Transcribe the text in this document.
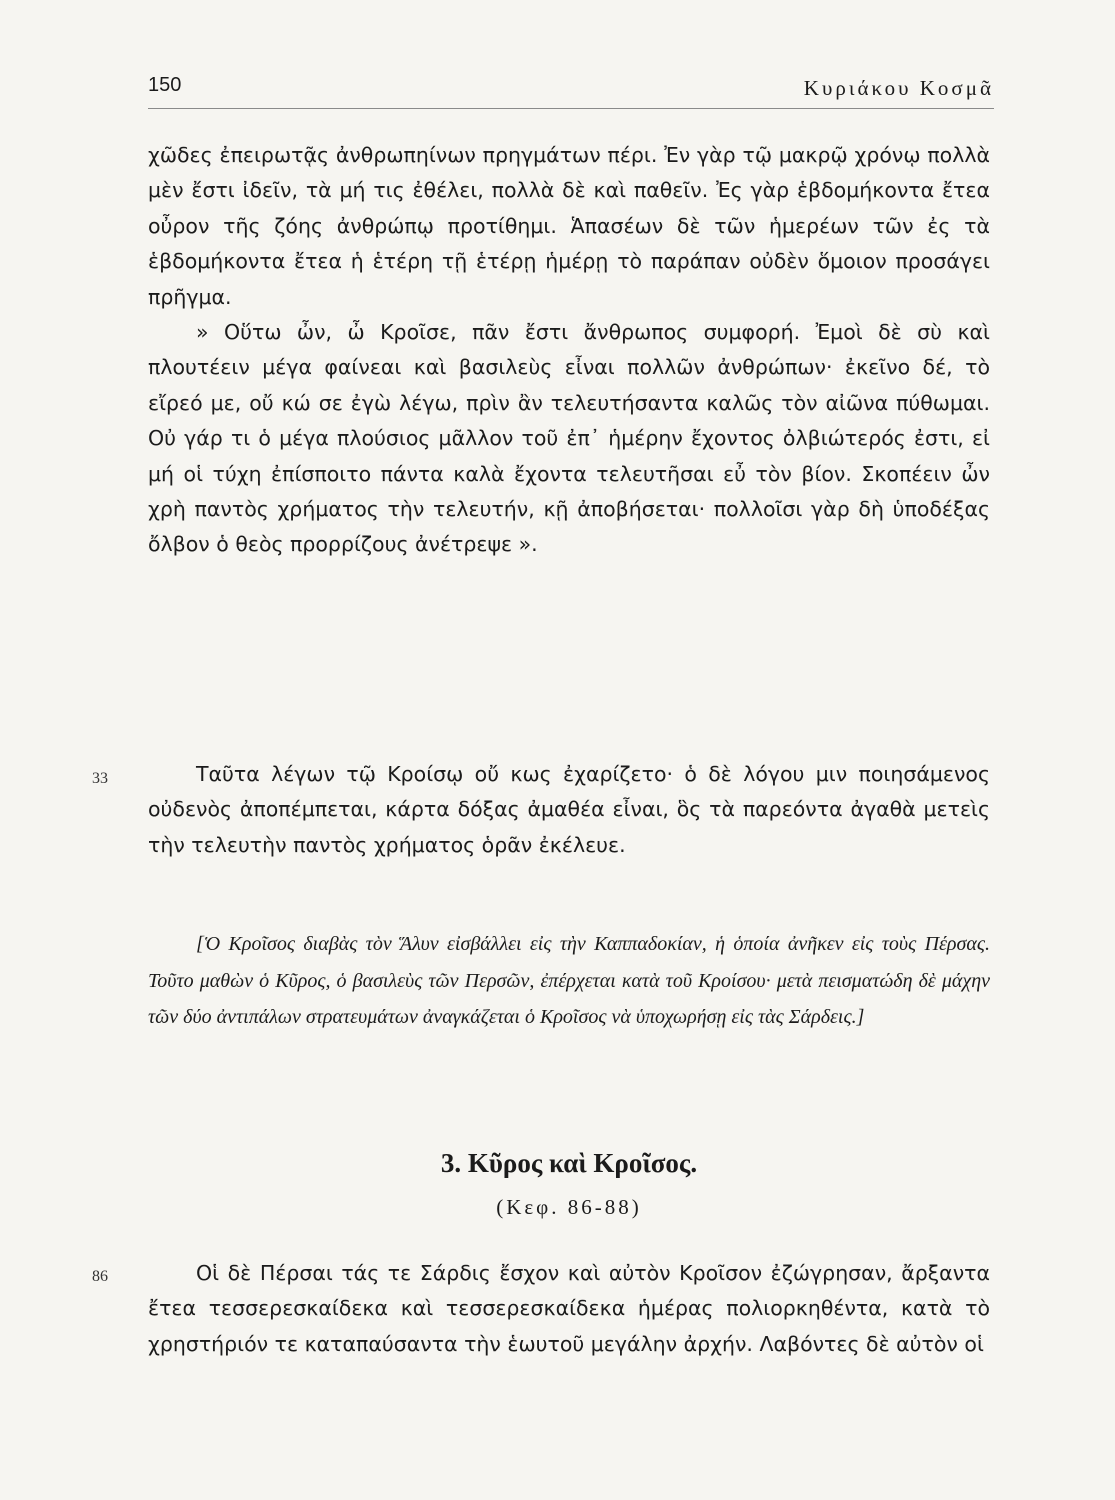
150	Κυριάκου Κοσμᾶ

χῶδες ἐπειρωτᾷς ἀνθρωπηίνων πρηγμάτων πέρι. Ἐν γὰρ τῷ μακρῷ χρόνῳ πολλὰ μὲν ἔστι ἰδεῖν, τὰ μή τις ἐθέλει, πολλὰ δὲ καὶ παθεῖν. Ἐς γὰρ ἑβδομήκοντα ἔτεα οὖρον τῆς ζόης ἀνθρώπῳ προτίθημι. Ἁπασέων δὲ τῶν ἡμερέων τῶν ἐς τὰ ἑβδομήκοντα ἔτεα ἡ ἑτέρη τῇ ἑτέρῃ ἡμέρῃ τὸ παράπαν οὐδὲν ὅμοιον προσάγει πρῆγμα.

» Οὕτω ὦν, ὦ Κροῖσε, πᾶν ἔστι ἄνθρωπος συμφορή. Ἐμοὶ δὲ σὺ καὶ πλουτέειν μέγα φαίνεαι καὶ βασιλεὺς εἶναι πολλῶν ἀνθρώπων· ἐκεῖνο δέ, τὸ εἴρεό με, οὔ κώ σε ἐγὼ λέγω, πρὶν ἂν τελευτήσαντα καλῶς τὸν αἰῶνα πύθωμαι. Οὐ γάρ τι ὁ μέγα πλούσιος μᾶλλον τοῦ ἐπ᾽ ἡμέρην ἔχοντος ὀλβιώτερός ἐστι, εἰ μή οἱ τύχη ἐπίσποιτο πάντα καλὰ ἔχοντα τελευτῆσαι εὖ τὸν βίον. Σκοπέειν ὦν χρὴ παντὸς χρήματος τὴν τελευτήν, κῇ ἀποβήσεται· πολλοῖσι γὰρ δὴ ὑποδέξας ὄλβον ὁ θεὸς προρρίζους ἀνέτρεψε ».

33	Ταῦτα λέγων τῷ Κροίσῳ οὔ κως ἐχαρίζετο· ὁ δὲ λόγου μιν ποιησάμενος οὐδενὸς ἀποπέμπεται, κάρτα δόξας ἀμαθέα εἶναι, ὃς τὰ παρεόντα ἀγαθὰ μετεὶς τὴν τελευτὴν παντὸς χρήματος ὁρᾶν ἐκέλευε.

[Ὁ Κροῖσος διαβὰς τὸν Ἅλυν εἰσβάλλει εἰς τὴν Καππαδοκίαν, ἡ ὁποία ἀνῆκεν εἰς τοὺς Πέρσας. Τοῦτο μαθὼν ὁ Κῦρος, ὁ βασιλεὺς τῶν Περσῶν, ἐπέρχεται κατὰ τοῦ Κροίσου· μετὰ πεισματώδη δὲ μάχην τῶν δύο ἀντιπάλων στρατευμάτων ἀναγκάζεται ὁ Κροῖσος νὰ ὑποχωρήσῃ εἰς τὰς Σάρδεις.]

3. Κῦρος καὶ Κροῖσος.
(Κεφ. 86-88)
86	Οἱ δὲ Πέρσαι τάς τε Σάρδις ἔσχον καὶ αὐτὸν Κροῖσον ἐζώγρησαν, ἄρξαντα ἔτεα τεσσερεσκαίδεκα καὶ τεσσερεσκαίδεκα ἡμέρας πολιορκηθέντα, κατὰ τὸ χρηστήριόν τε καταπαύσαντα τὴν ἑωυτοῦ μεγάλην ἀρχήν. Λαβόντες δὲ αὐτὸν οἱ
